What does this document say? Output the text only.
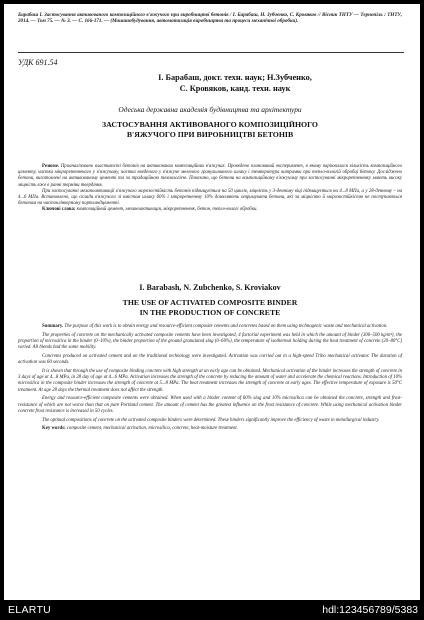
Барабаш І. Застосування активованого композиційного в'яжучого при виробництві бетонів / І. Барабаш, Н. Зубченко, С. Кровяков // Вісник ТНТУ — Тернопіль : ТНТУ, 2014. — Том 75. — № 3. — С. 166-171. — (Машинобудування, автоматизація виробництва та процеси механічної обробки).
УДК 691.54
І. Барабаш, докт. техн. наук; Н.Зубченко,
С. Кровяков, канд. техн. наук
Одеська державна академія будівництва та архітектури
ЗАСТОСУВАННЯ АКТИВОВАНОГО КОМПОЗИЦІЙНОГО
В'ЯЖУЧОГО ПРИ ВИРОБНИЦТВІ БЕТОНІВ

Резюме. Проаналізовано властивості бетонів на активованих композиційних в'яжучих. Проведено планований експеримент, в якому варіювалася кількість композиційного цементу, частка мікрорепенненого у в'яжучому, частка введеного у в'яжуче меленого гранульованого шлаку і температура витримки при тепло-вологій обробці бетону. Досліджено бетони, виготовлені на активованому цементі та за традиційною технологією. Показано, що бетони на композиційному в'яжучому при застосуванні мікрорепненевку мають високу міцність вже в ранні терміни твердіння.

При застосуванні механоактивації в'яжучого морозостійкість бетонів підвищується на 50 циклів, міцність у 3-денному віці підвищується на 4...8 МПа, а у 28-денному – на 4...6 МПа. Встановлено, що склади в'яжучого зі вмістом шлаку 60% і мікрорепненеву 10% дозволяють отримувати бетони, які за міцністю й морозостійкістю не поступаються бетонам на чистоклінкерному портландцементі.

Ключові слова: композиційний цемент, механоактивація, мікрорепненевк, бетон, тепло-вологі обробки.

I. Barabash, N. Zubchenko, S. Kroviakov
THE USE OF ACTIVATED COMPOSITE BINDER
IN THE PRODUCTION OF CONCRETE

Summary. The purpose of this work is to obtain energy and resource-efficient composite cements and concretes based on them using technogenic waste and mechanical activation.

The properties of concrete on the mechanically activated composite cements have been investigated, 4 factorial experiment was held in which the amount of binder (300–500 kg/m³), the proportion of microsilica in the binder (0–10%), the binder proportion of the ground granulated slag (0–60%), the temperature of isothermal holding during the heat treatment of concrete (20–80°C) varied. All blends had the same mobility.

Concretes produced on activated cement and on the traditional technology were investigated. Activation was carried out in a high-speed Tribo mechanical activator. The duration of activation was 60 seconds.

It is shown that through the use of composite binding concrete with high strength at an early age can be obtained. Mechanical activation of the binder increases the strength of concrete in 3 days of age at 4...8 MPa, in 28 day of age at 4...6 MPa. Activation increases the strength of the concrete by reducing the amount of water and accelerate the chemical reactions. Introduction of 10% microsilica in the composite binder increases the strength of concrete at 5...8 MPa. The heat treatment increases the strength of concrete at early ages. The effective temperature of exposure is 50°C treatment. At age 28 days the thermal treatment does not affect the strength.

Energy and resource-efficient composite cements were obtained. When used with a binder content of 60% slag and 10% microsilica can be obtained the concrete, strength and frost-resistance of which are not worse than that on pure Portland cement. The amount of cement has the greatest influence on the frost resistance of concrete. While using mechanical activation binder concrete frost resistance is increased in 50 cycles.

The optimal compositions of concrete on the activated composite binders were determined. These binders significantly improve the efficiency of waste in metallurgical industry.

Key words: composite cement, mechanical activation, microsilica, concrete, heat-moisture treatment.

ELARTU	hdl:123456789/5383
